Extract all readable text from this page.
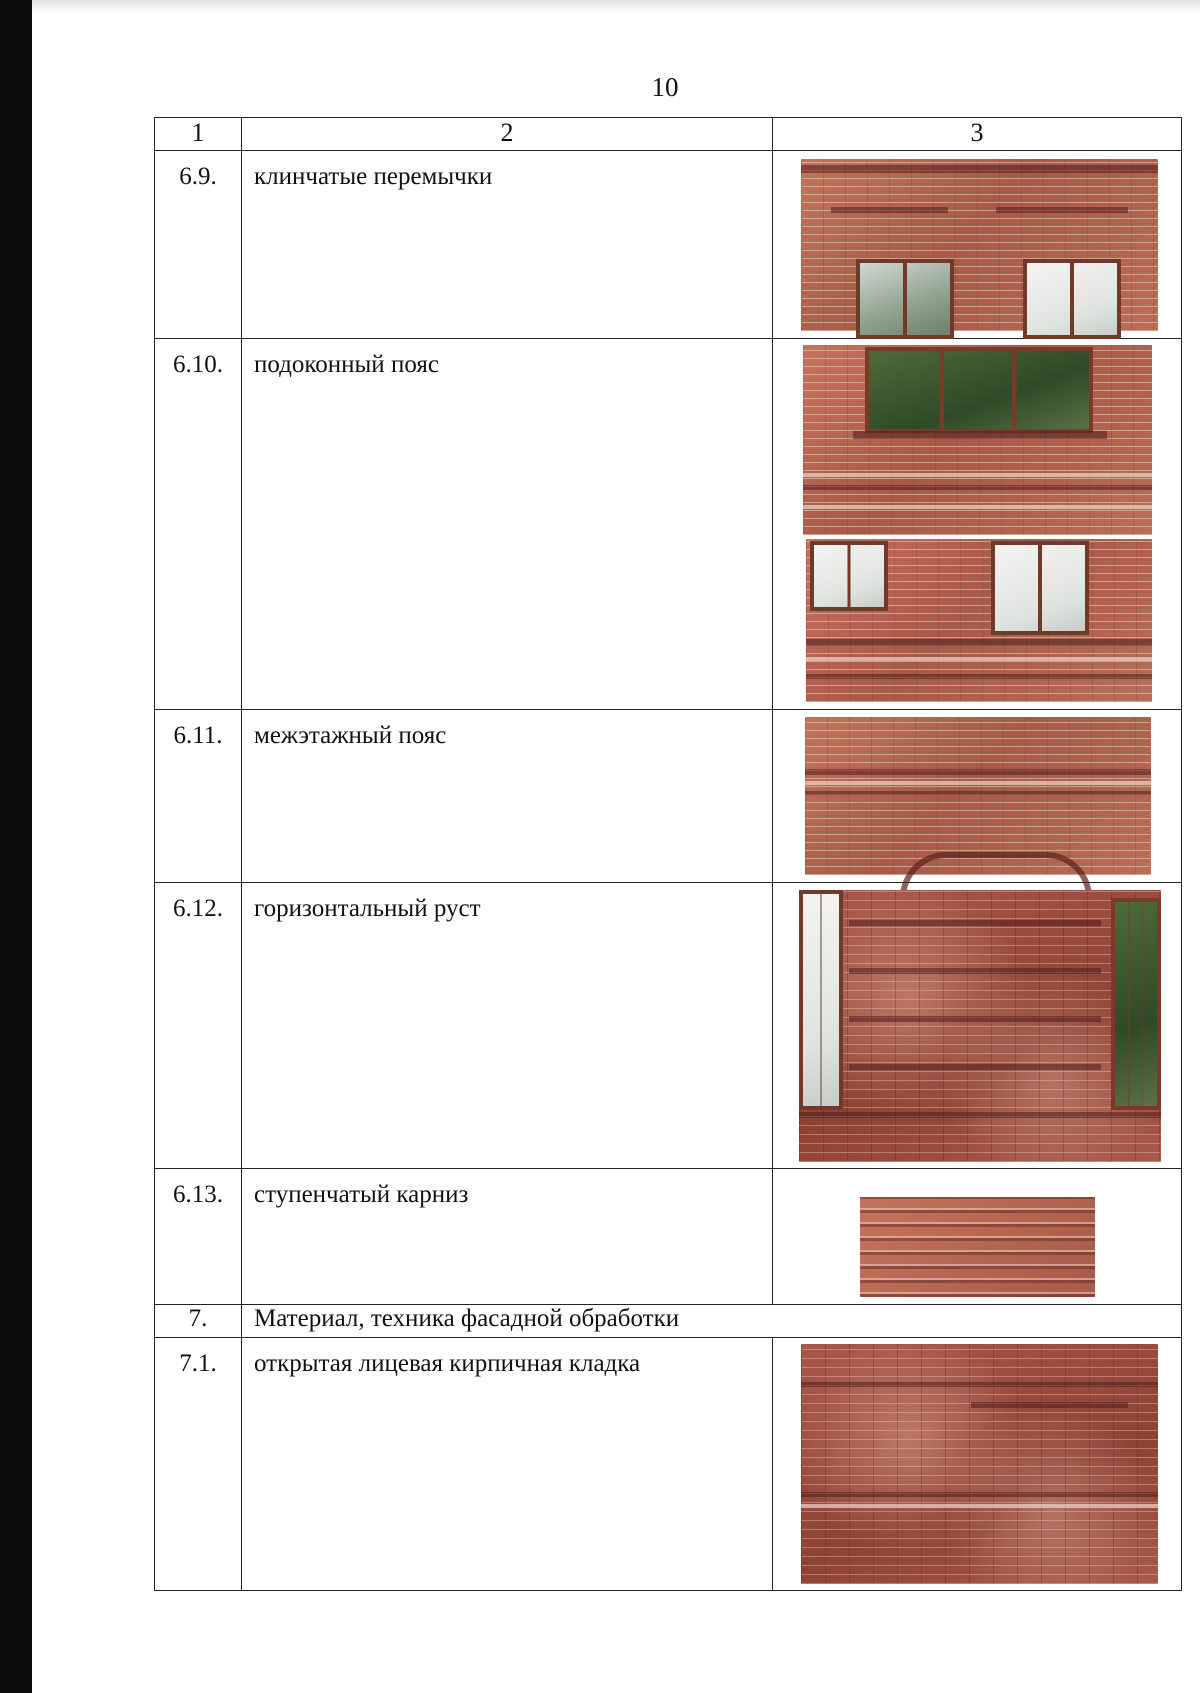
10
1	2	3
6.9.	клинчатые перемычки	

6.10.	подоконный пояс	

6.11.	межэтажный пояс	

6.12.	горизонтальный руст	

6.13.	ступенчатый карниз	

7.	Материал, техника фасадной обработки	
7.1.	открытая лицевая кирпичная кладка	
